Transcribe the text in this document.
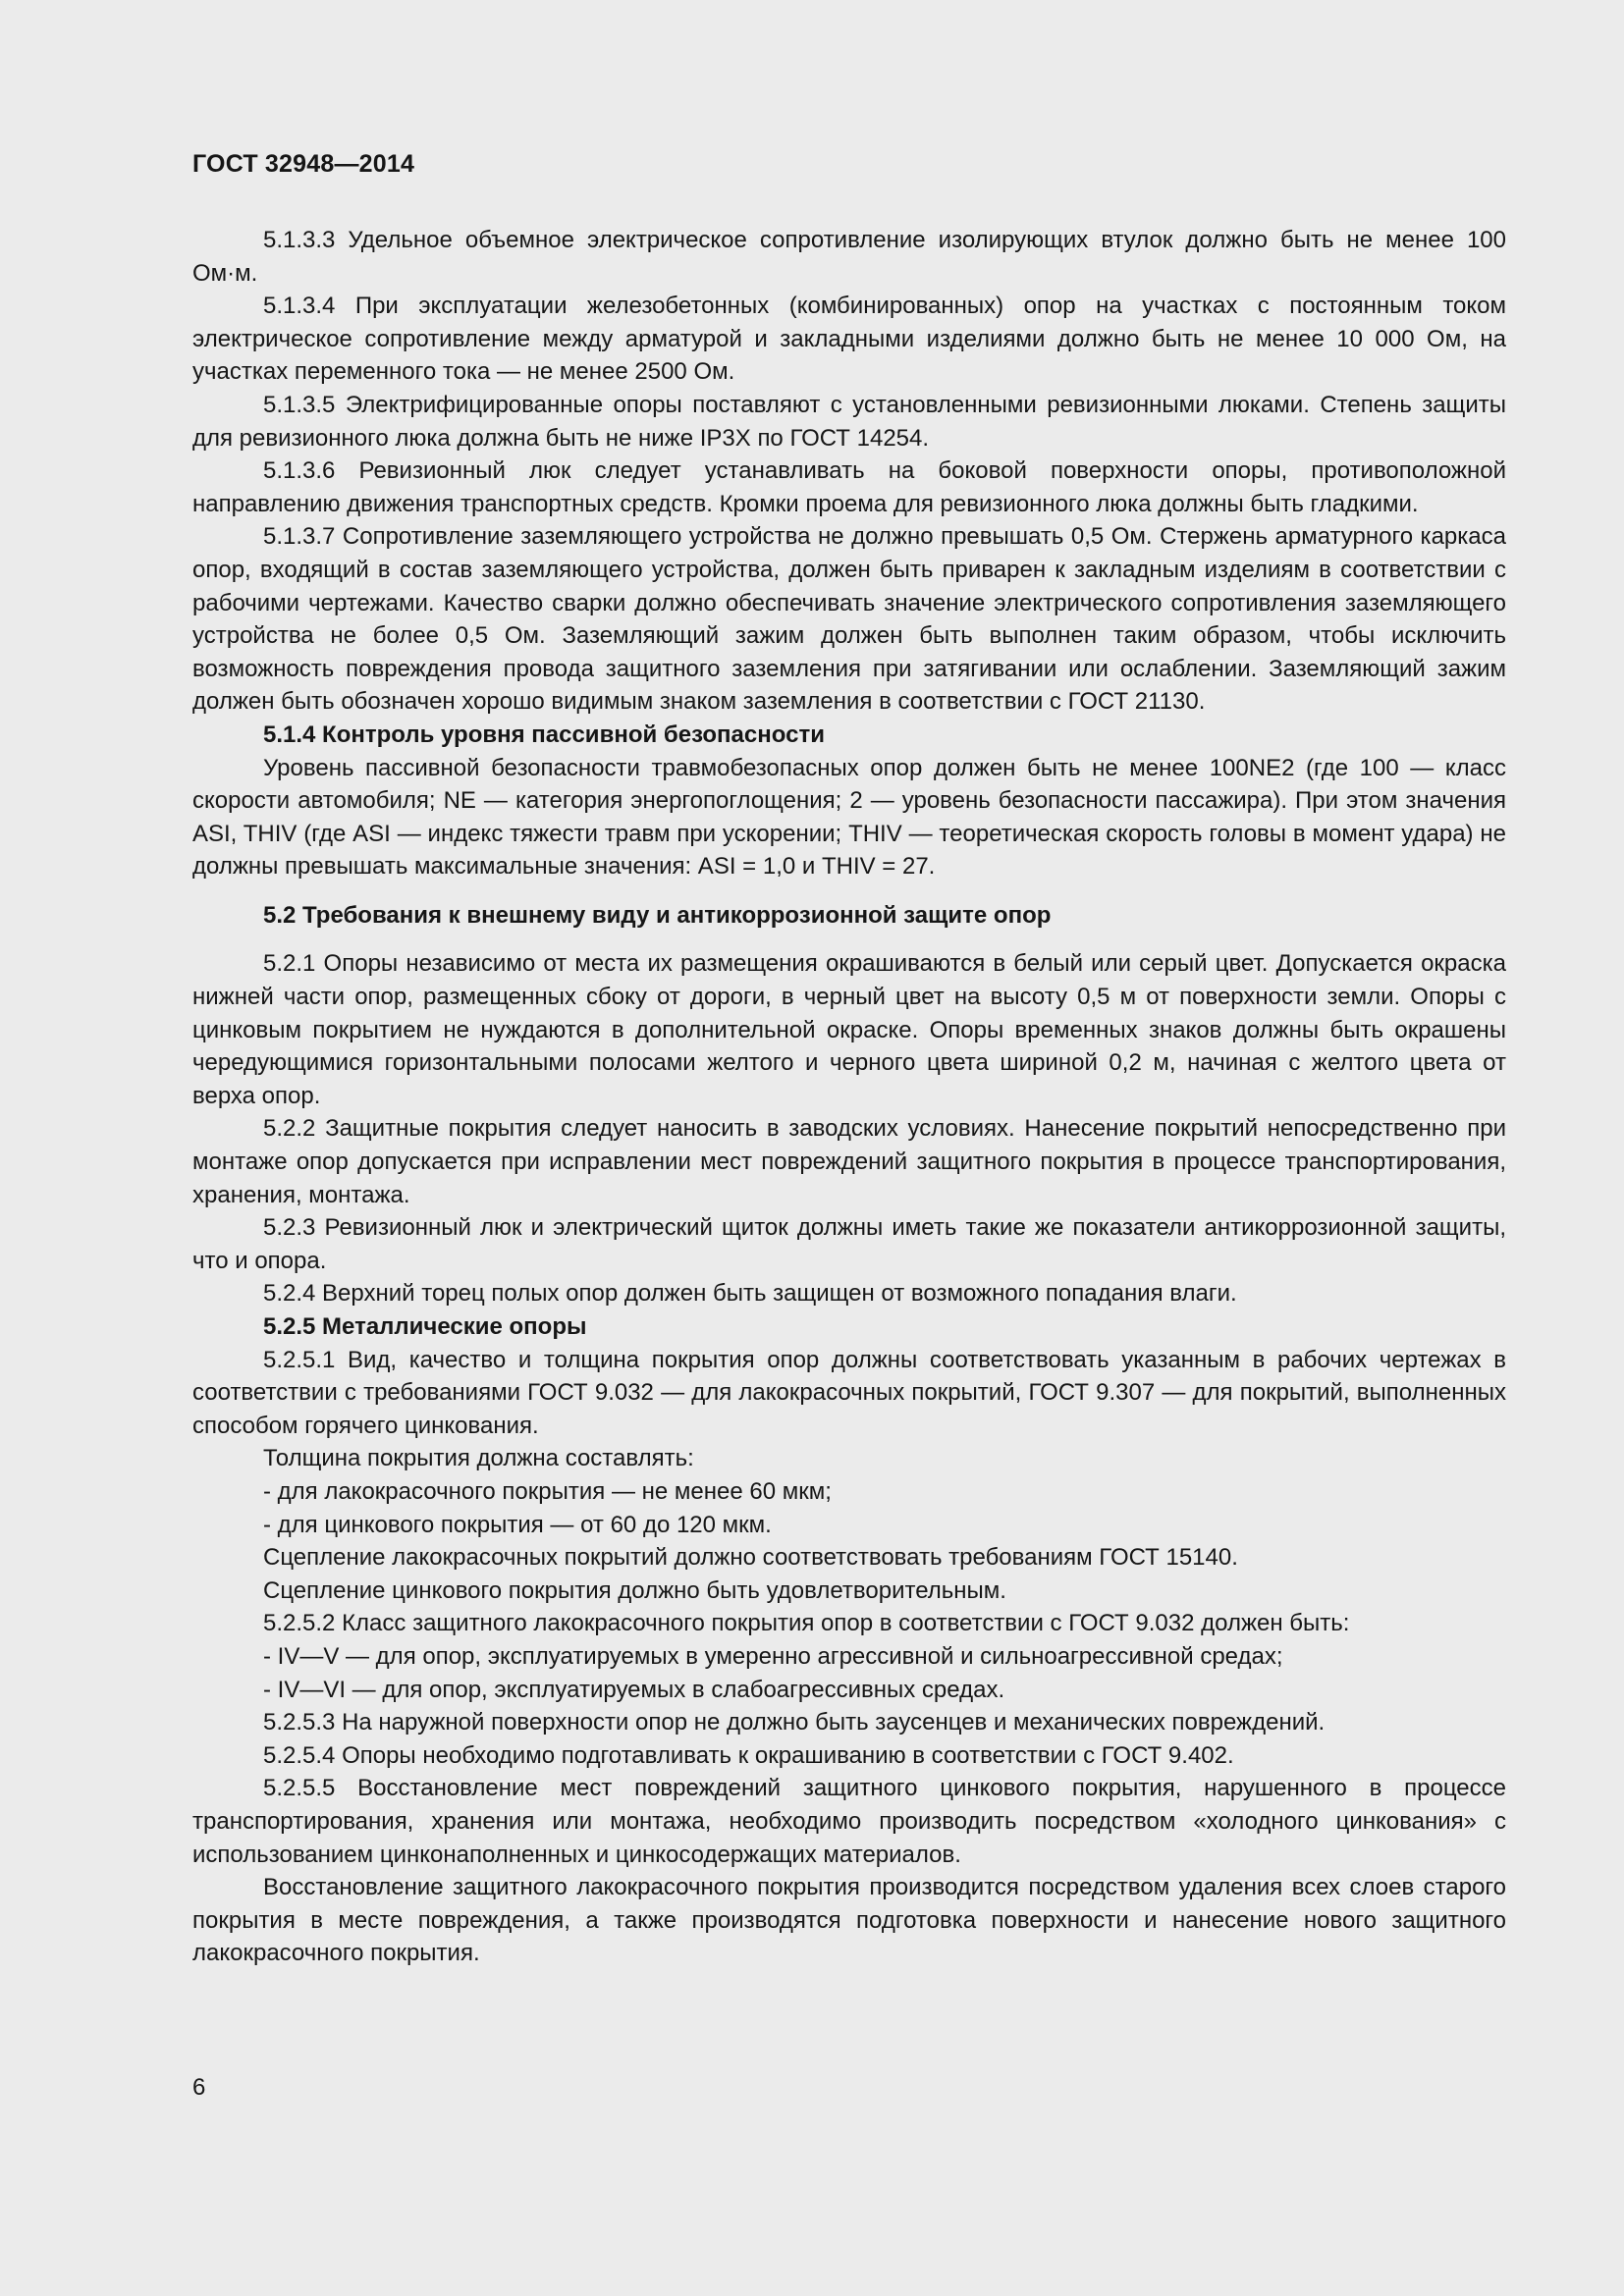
ГОСТ 32948—2014

5.1.3.3 Удельное объемное электрическое сопротивление изолирующих втулок должно быть не менее 100 Ом·м.

5.1.3.4 При эксплуатации железобетонных (комбинированных) опор на участках с постоянным током электрическое сопротивление между арматурой и закладными изделиями должно быть не менее 10 000 Ом, на участках переменного тока — не менее 2500 Ом.

5.1.3.5 Электрифицированные опоры поставляют с установленными ревизионными люками. Степень защиты для ревизионного люка должна быть не ниже IP3X по ГОСТ 14254.

5.1.3.6 Ревизионный люк следует устанавливать на боковой поверхности опоры, противоположной направлению движения транспортных средств. Кромки проема для ревизионного люка должны быть гладкими.

5.1.3.7 Сопротивление заземляющего устройства не должно превышать 0,5 Ом. Стержень арматурного каркаса опор, входящий в состав заземляющего устройства, должен быть приварен к закладным изделиям в соответствии с рабочими чертежами. Качество сварки должно обеспечивать значение электрического сопротивления заземляющего устройства не более 0,5 Ом. Заземляющий зажим должен быть выполнен таким образом, чтобы исключить возможность повреждения провода защитного заземления при затягивании или ослаблении. Заземляющий зажим должен быть обозначен хорошо видимым знаком заземления в соответствии с ГОСТ 21130.

5.1.4 Контроль уровня пассивной безопасности

Уровень пассивной безопасности травмобезопасных опор должен быть не менее 100NE2 (где 100 — класс скорости автомобиля; NE — категория энергопоглощения; 2 — уровень безопасности пассажира). При этом значения ASI, THIV (где ASI — индекс тяжести травм при ускорении; THIV — теоретическая скорость головы в момент удара) не должны превышать максимальные значения: ASI = 1,0 и THIV = 27.

5.2 Требования к внешнему виду и антикоррозионной защите опор

5.2.1 Опоры независимо от места их размещения окрашиваются в белый или серый цвет. Допускается окраска нижней части опор, размещенных сбоку от дороги, в черный цвет на высоту 0,5 м от поверхности земли. Опоры с цинковым покрытием не нуждаются в дополнительной окраске. Опоры временных знаков должны быть окрашены чередующимися горизонтальными полосами желтого и черного цвета шириной 0,2 м, начиная с желтого цвета от верха опор.

5.2.2 Защитные покрытия следует наносить в заводских условиях. Нанесение покрытий непосредственно при монтаже опор допускается при исправлении мест повреждений защитного покрытия в процессе транспортирования, хранения, монтажа.

5.2.3 Ревизионный люк и электрический щиток должны иметь такие же показатели антикоррозионной защиты, что и опора.

5.2.4 Верхний торец полых опор должен быть защищен от возможного попадания влаги.

5.2.5 Металлические опоры

5.2.5.1 Вид, качество и толщина покрытия опор должны соответствовать указанным в рабочих чертежах в соответствии с требованиями ГОСТ 9.032 — для лакокрасочных покрытий, ГОСТ 9.307 — для покрытий, выполненных способом горячего цинкования.

Толщина покрытия должна составлять:

- для лакокрасочного покрытия — не менее 60 мкм;

- для цинкового покрытия — от 60 до 120 мкм.

Сцепление лакокрасочных покрытий должно соответствовать требованиям ГОСТ 15140.

Сцепление цинкового покрытия должно быть удовлетворительным.

5.2.5.2 Класс защитного лакокрасочного покрытия опор в соответствии с ГОСТ 9.032 должен быть:

- IV—V — для опор, эксплуатируемых в умеренно агрессивной и сильноагрессивной средах;

- IV—VI — для опор, эксплуатируемых в слабоагрессивных средах.

5.2.5.3 На наружной поверхности опор не должно быть заусенцев и механических повреждений.

5.2.5.4 Опоры необходимо подготавливать к окрашиванию в соответствии с ГОСТ 9.402.

5.2.5.5 Восстановление мест повреждений защитного цинкового покрытия, нарушенного в процессе транспортирования, хранения или монтажа, необходимо производить посредством «холодного цинкования» с использованием цинконаполненных и цинкосодержащих материалов.

Восстановление защитного лакокрасочного покрытия производится посредством удаления всех слоев старого покрытия в месте повреждения, а также производятся подготовка поверхности и нанесение нового защитного лакокрасочного покрытия.

6
